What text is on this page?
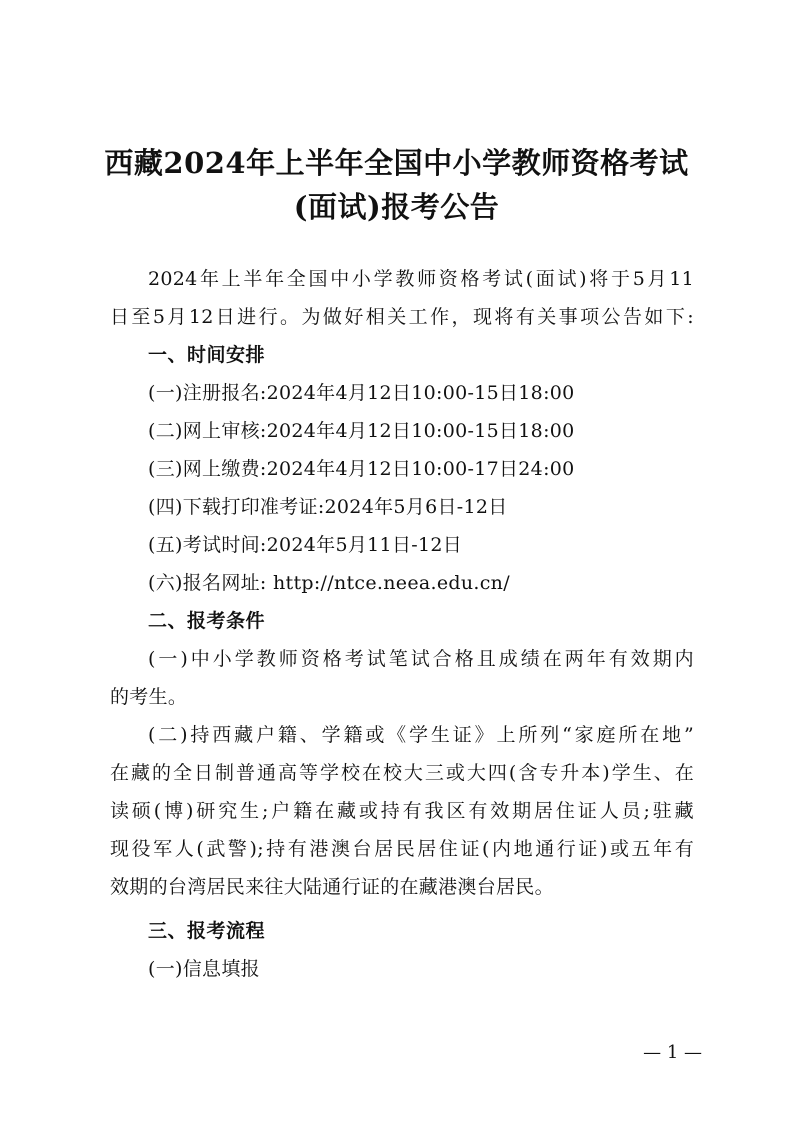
西藏2024年上半年全国中小学教师资格考试
(面试)报考公告
2024年上半年全国中小学教师资格考试(面试)将于5月11
日至5月12日进行。为做好相关工作，现将有关事项公告如下:
一、时间安排
(一)注册报名:2024年4月12日10:00-15日18:00
(二)网上审核:2024年4月12日10:00-15日18:00
(三)网上缴费:2024年4月12日10:00-17日24:00
(四)下载打印准考证:2024年5月6日-12日
(五)考试时间:2024年5月11日-12日
(六)报名网址: http://ntce.neea.edu.cn/
二、报考条件
(一)中小学教师资格考试笔试合格且成绩在两年有效期内
的考生。
(二)持西藏户籍、学籍或《学生证》上所列“家庭所在地”
在藏的全日制普通高等学校在校大三或大四(含专升本)学生、在
读硕(博)研究生;户籍在藏或持有我区有效期居住证人员;驻藏
现役军人(武警);持有港澳台居民居住证(内地通行证)或五年有
效期的台湾居民来往大陆通行证的在藏港澳台居民。
三、报考流程
(一)信息填报
— 1 —
